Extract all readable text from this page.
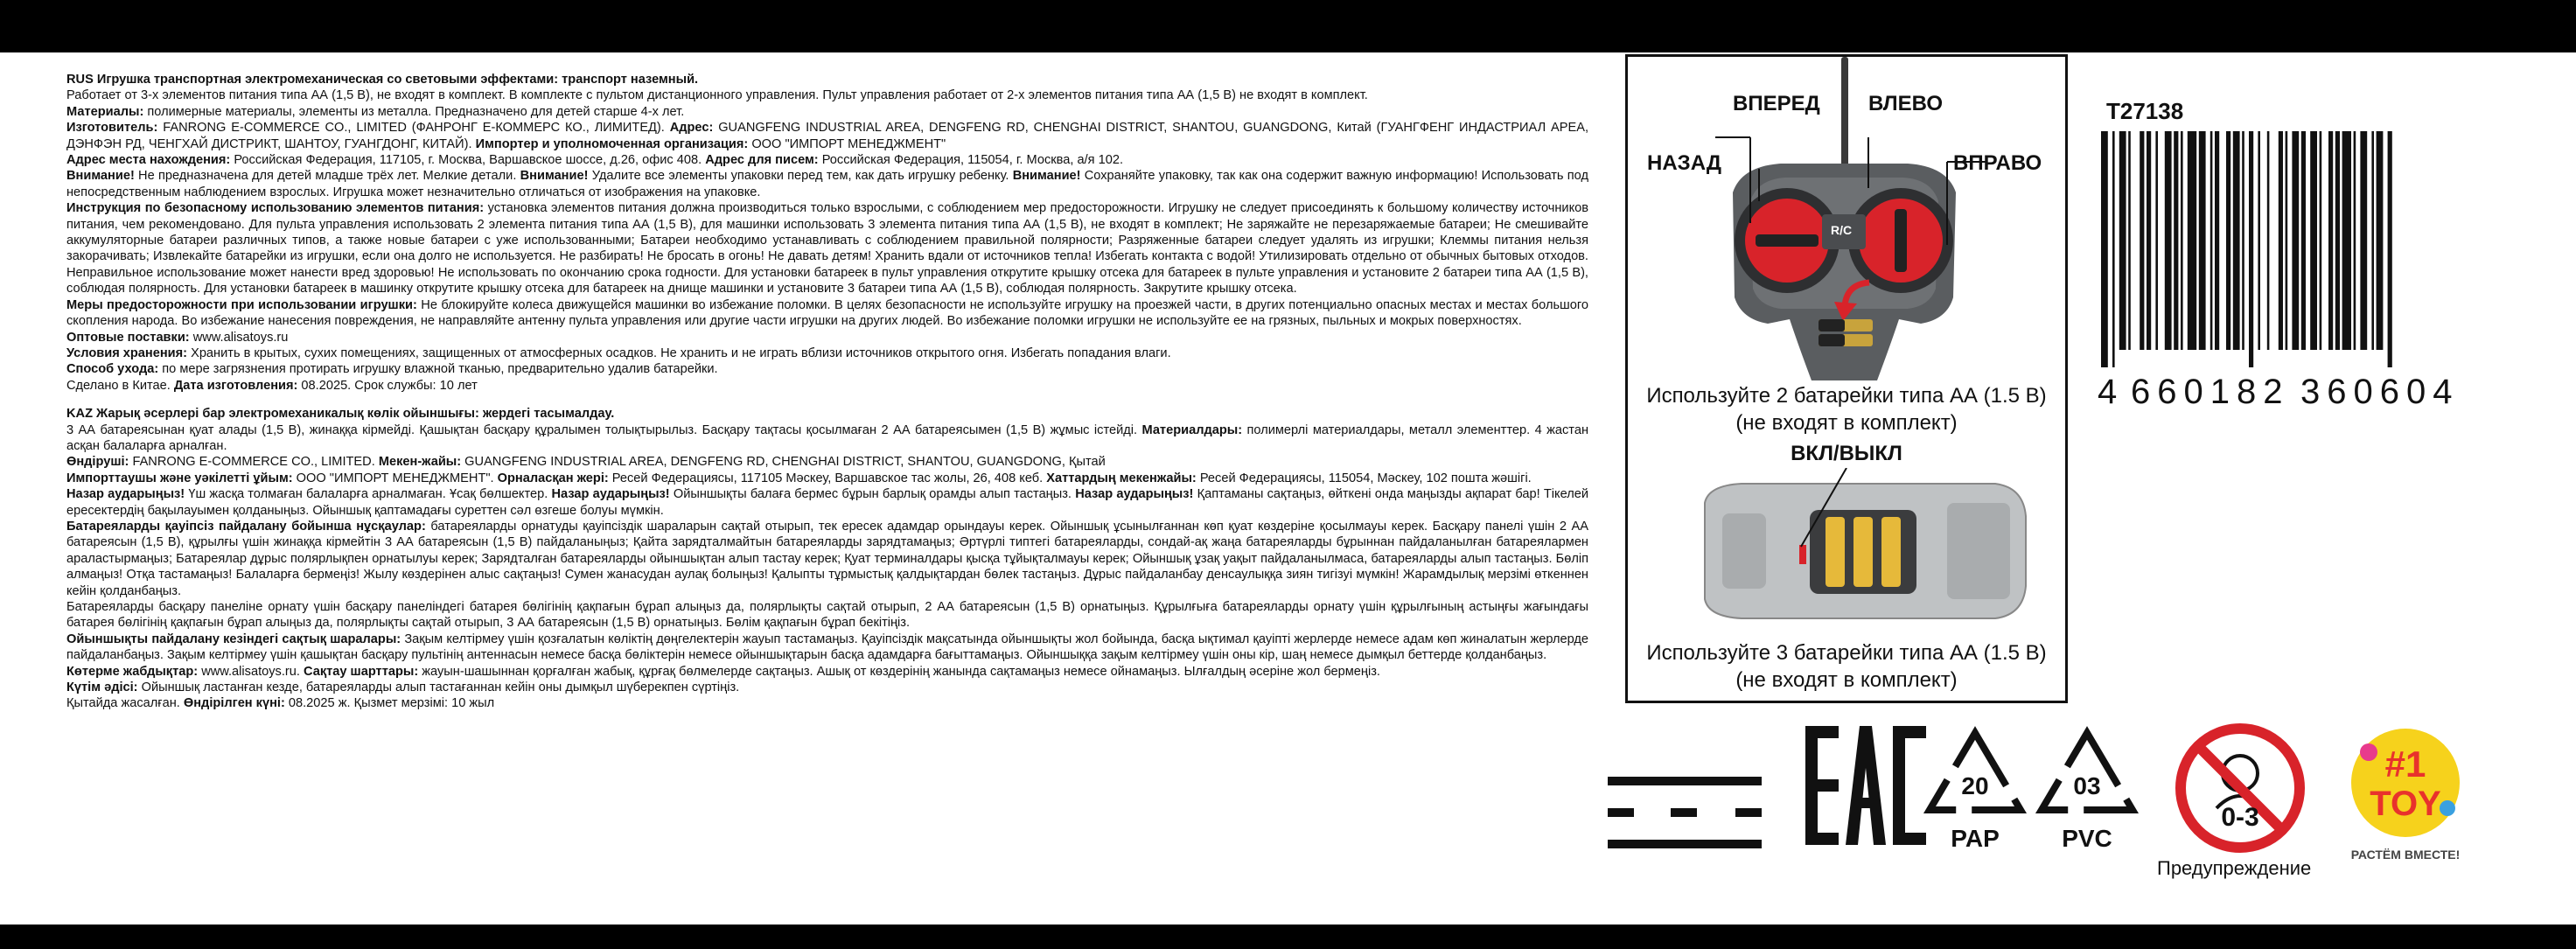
RUS Игрушка транспортная электромеханическая со световыми эффектами: транспорт наземный.

Работает от 3-х элементов питания типа АА (1,5 В), не входят в комплект. В комплекте с пультом дистанционного управления. Пульт управления работает от 2-х элементов питания типа АА (1,5 В) не входят в комплект.

Материалы: полимерные материалы, элементы из металла. Предназначено для детей старше 4-х лет.

Изготовитель: FANRONG E-COMMERCE CO., LIMITED (ФАНРОНГ Е-КОММЕРС КО., ЛИМИТЕД). Адрес: GUANGFENG INDUSTRIAL AREA, DENGFENG RD, CHENGHAI DISTRICT, SHANTOU, GUANGDONG, Китай (ГУАНГФЕНГ ИНДАСТРИАЛ АРЕА, ДЭНФЭН РД, ЧЕНГХАЙ ДИСТРИКТ, ШАНТОУ, ГУАНГДОНГ, КИТАЙ). Импортер и уполномоченная организация: ООО "ИМПОРТ МЕНЕДЖМЕНТ"

Адрес места нахождения: Российская Федерация, 117105, г. Москва, Варшавское шоссе, д.26, офис 408. Адрес для писем: Российская Федерация, 115054, г. Москва, а/я 102.

Внимание! Не предназначена для детей младше трёх лет. Мелкие детали. Внимание! Удалите все элементы упаковки перед тем, как дать игрушку ребенку. Внимание! Сохраняйте упаковку, так как она содержит важную информацию! Использовать под непосредственным наблюдением взрослых. Игрушка может незначительно отличаться от изображения на упаковке.

Инструкция по безопасному использованию элементов питания: установка элементов питания должна производиться только взрослыми, с соблюдением мер предосторожности. Игрушку не следует присоединять к большому количеству источников питания, чем рекомендовано. Для пульта управления использовать 2 элемента питания типа АА (1,5 В), для машинки использовать 3 элемента питания типа АА (1,5 В), не входят в комплект; Не заряжайте не перезаряжаемые батареи; Не смешивайте аккумуляторные батареи различных типов, а также новые батареи с уже использованными; Батареи необходимо устанавливать с соблюдением правильной полярности; Разряженные батареи следует удалять из игрушки; Клеммы питания нельзя закорачивать; Извлекайте батарейки из игрушки, если она долго не используется. Не разбирать! Не бросать в огонь! Не давать детям! Хранить вдали от источников тепла! Избегать контакта с водой! Утилизировать отдельно от обычных бытовых отходов. Неправильное использование может нанести вред здоровью! Не использовать по окончанию срока годности. Для установки батареек в пульт управления открутите крышку отсека для батареек в пульте управления и установите 2 батареи типа АА (1,5 В), соблюдая полярность. Для установки батареек в машинку открутите крышку отсека для батареек на днище машинки и установите 3 батареи типа АА (1,5 В), соблюдая полярность. Закрутите крышку отсека.

Меры предосторожности при использовании игрушки: Не блокируйте колеса движущейся машинки во избежание поломки. В целях безопасности не используйте игрушку на проезжей части, в других потенциально опасных местах и местах большого скопления народа. Во избежание нанесения повреждения, не направляйте антенну пульта управления или другие части игрушки на других людей. Во избежание поломки игрушки не используйте ее на грязных, пыльных и мокрых поверхностях.

Оптовые поставки: www.alisatoys.ru

Условия хранения: Хранить в крытых, сухих помещениях, защищенных от атмосферных осадков. Не хранить и не играть вблизи источников открытого огня. Избегать попадания влаги.

Способ ухода: по мере загрязнения протирать игрушку влажной тканью, предварительно удалив батарейки.

Сделано в Китае. Дата изготовления: 08.2025. Срок службы: 10 лет

KAZ Жарық әсерлері бар электромеханикалық көлік ойыншығы: жердегі тасымалдау.

3 АА батареясынан қуат алады (1,5 В), жинаққа кірмейді. Қашықтан басқару құралымен толықтырылыз. Басқару тақтасы қосылмаған 2 АА батареясымен (1,5 В) жұмыс істейді. Материалдары: полимерлі материалдары, металл элементтер. 4 жастан асқан балаларға арналған.

Өндіруші: FANRONG E-COMMERCE CO., LIMITED. Мекен-жайы: GUANGFENG INDUSTRIAL AREA, DENGFENG RD, CHENGHAI DISTRICT, SHANTOU, GUANGDONG, Қытай

Импорттаушы және уәкілетті ұйым: ООО "ИМПОРТ МЕНЕДЖМЕНТ". Орналасқан жері: Ресей Федерациясы, 117105 Мәскеу, Варшавское тас жолы, 26, 408 кеб. Хаттардың мекенжайы: Ресей Федерациясы, 115054, Мәскеу, 102 пошта жәшігі.

Назар аударыңыз! Үш жасқа толмаған балаларға арналмаған. Ұсақ бөлшектер. Назар аударыңыз! Ойыншықты балаға бермес бұрын барлық орамды алып тастаңыз. Назар аударыңыз! Қаптаманы сақтаңыз, өйткені онда маңызды ақпарат бар! Тікелей ересектердің бақылауымен қолданыңыз. Ойыншық қаптамадағы суреттен сәл өзгеше болуы мүмкін.

Батареяларды қауіпсіз пайдалану бойынша нұсқаулар: батареяларды орнатуды қауіпсіздік шараларын сақтай отырып, тек ересек адамдар орындауы керек. Ойыншық ұсынылғаннан көп қуат көздеріне қосылмауы керек. Басқару панелі үшін 2 АА батареясын (1,5 В), құрылғы үшін жинаққа кірмейтін 3 АА батареясын (1,5 В) пайдаланыңыз; Қайта зарядталмайтын батареяларды зарядтамаңыз; Әртүрлі типтегі батареяларды, сондай-ақ жаңа батареяларды бұрыннан пайдаланылған батареялармен араластырмаңыз; Батареялар дұрыс полярлықпен орнатылуы керек; Зарядталған батареяларды ойыншықтан алып тастау керек; Қуат терминалдары қысқа тұйықталмауы керек; Ойыншық ұзақ уақыт пайдаланылмаса, батареяларды алып тастаңыз. Бөліп алмаңыз! Отқа тастамаңыз! Балаларға бермеңіз! Жылу көздерінен алыс сақтаңыз! Сумен жанасудан аулақ болыңыз! Қалыпты тұрмыстық қалдықтардан бөлек тастаңыз. Дұрыс пайдаланбау денсаулыққа зиян тигізуі мүмкін! Жарамдылық мерзімі өткеннен кейін қолданбаңыз.

Батареяларды басқару панеліне орнату үшін басқару панеліндегі батарея бөлігінің қақпағын бұрап алыңыз да, полярлықты сақтай отырып, 2 АА батареясын (1,5 В) орнатыңыз. Құрылғыға батареяларды орнату үшін құрылғының астыңғы жағындағы батарея бөлігінің қақпағын бұрап алыңыз да, полярлықты сақтай отырып, 3 АА батареясын (1,5 В) орнатыңыз. Бөлім қақпағын бұрап бекітіңіз.

Ойыншықты пайдалану кезіндегі сақтық шаралары: Зақым келтірмеу үшін қозғалатын көліктің дөңгелектерін жауып тастамаңыз. Қауіпсіздік мақсатында ойыншықты жол бойында, басқа ықтимал қауіпті жерлерде немесе адам көп жиналатын жерлерде пайдаланбаңыз. Зақым келтірмеу үшін қашықтан басқару пультінің антеннасын немесе басқа бөліктерін немесе ойыншықтарын басқа адамдарға бағыттамаңыз. Ойыншыққа зақым келтірмеу үшін оны кір, шаң немесе дымқыл беттерде қолданбаңыз.

Көтерме жабдықтар: www.alisatoys.ru. Сақтау шарттары: жауын-шашыннан қорғалған жабық, құрғақ бөлмелерде сақтаңыз. Ашық от көздерінің жанында сақтамаңыз немесе ойнамаңыз. Ылғалдың әсеріне жол бермеңіз.

Күтім әдісі: Ойыншық ластанған кезде, батареяларды алып тастағаннан кейін оны дымқыл шүберекпен сүртіңіз.

Қытайда жасалған. Өндірілген күні: 08.2025 ж. Қызмет мерзімі: 10 жыл

ВПЕРЕД ВЛЕВО
НАЗАД	ВПРАВО
R/C
Используйте 2 батарейки типа АА (1.5 В)
(не входят в комплект)
ВКЛ/ВЫКЛ
Используйте 3 батарейки типа АА (1.5 В)
(не входят в комплект)
T27138
4 660182 360604
20
PAP
03
PVC
0-3
Предупреждение
#1
TOY
РАСТЁМ ВМЕСТЕ!
